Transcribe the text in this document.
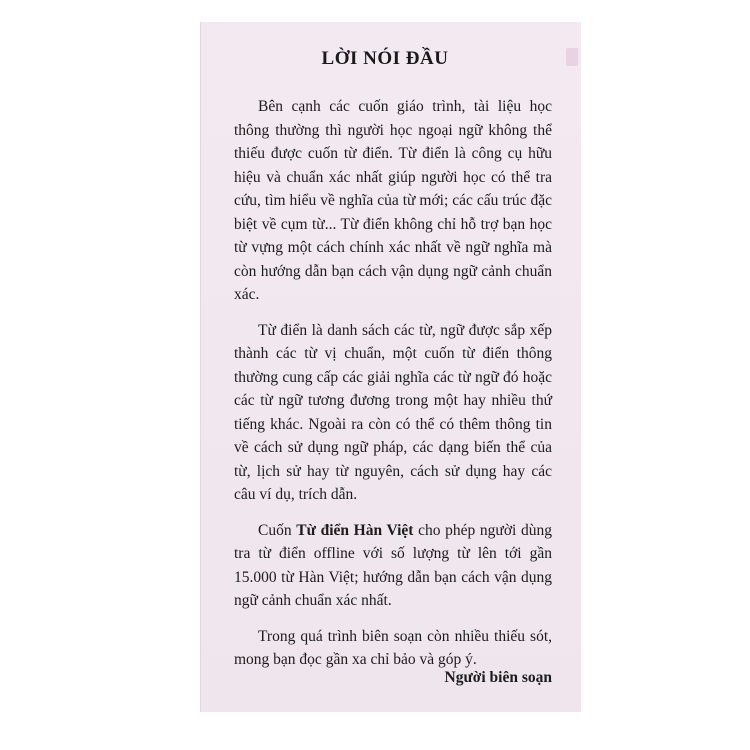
LỜI NÓI ĐẦU

Bên cạnh các cuốn giáo trình, tài liệu học thông thường thì người học ngoại ngữ không thể thiếu được cuốn từ điển. Từ điển là công cụ hữu hiệu và chuẩn xác nhất giúp người học có thể tra cứu, tìm hiểu về nghĩa của từ mới; các cấu trúc đặc biệt về cụm từ... Từ điển không chỉ hỗ trợ bạn học từ vựng một cách chính xác nhất về ngữ nghĩa mà còn hướng dẫn bạn cách vận dụng ngữ cảnh chuẩn xác.

Từ điển là danh sách các từ, ngữ được sắp xếp thành các từ vị chuẩn, một cuốn từ điển thông thường cung cấp các giải nghĩa các từ ngữ đó hoặc các từ ngữ tương đương trong một hay nhiều thứ tiếng khác. Ngoài ra còn có thể có thêm thông tin về cách sử dụng ngữ pháp, các dạng biến thể của từ, lịch sử hay từ nguyên, cách sử dụng hay các câu ví dụ, trích dẫn.

Cuốn Từ điển Hàn Việt cho phép người dùng tra từ điển offline với số lượng từ lên tới gần 15.000 từ Hàn Việt; hướng dẫn bạn cách vận dụng ngữ cảnh chuẩn xác nhất.

Trong quá trình biên soạn còn nhiều thiếu sót, mong bạn đọc gần xa chỉ bảo và góp ý.

Người biên soạn
